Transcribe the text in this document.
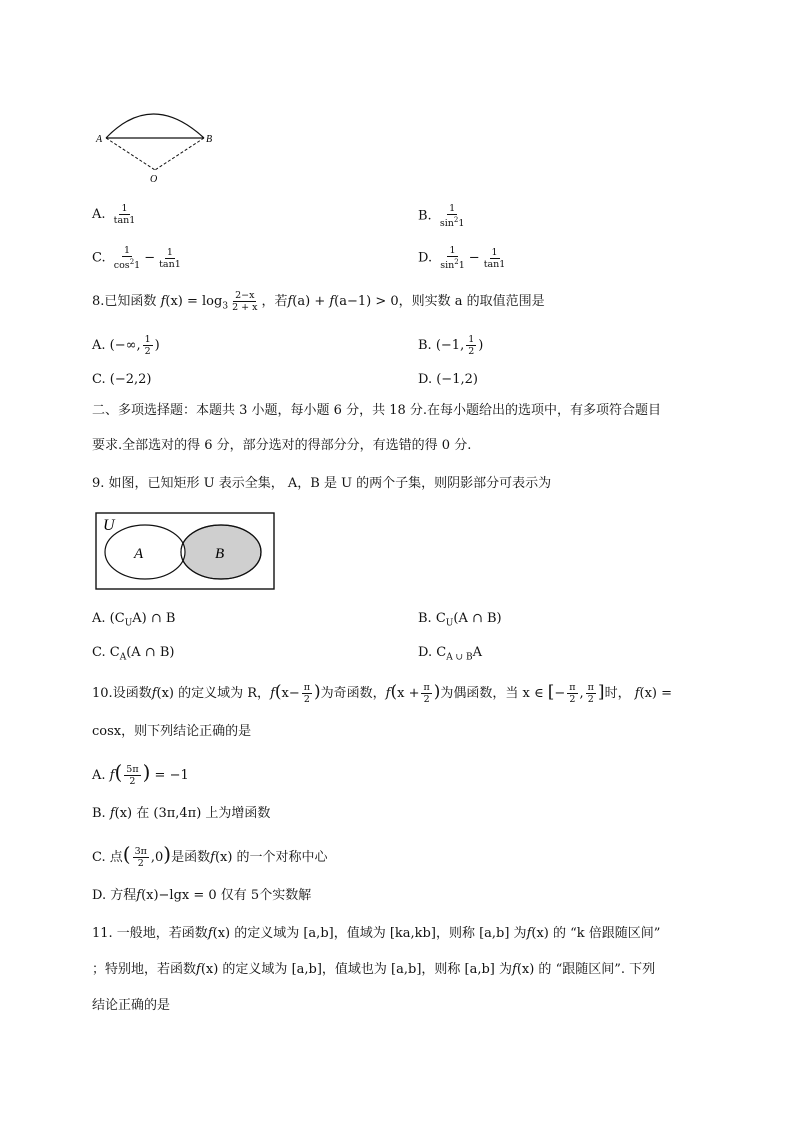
A	B
O
A. $\frac{1}{\tan 1}$	B. $\frac{1}{\sin^21}$
C. $\frac{1}{\cos^21} - \frac{1}{\tan 1}$	D. $\frac{1}{\sin^21} - \frac{1}{\tan 1}$
8.已知函数 $f(x) = \log_3 \frac{2-x}{2 + x}$ ，若f(a) + f(a−1) > 0，则实数 a 的取值范围是
A. (−∞, $\frac{1}{2}$ )	B. (−1, $\frac{1}{2}$ )
C. (−2,2)	D. (−1,2)
二、多项选择题：本题共 3 小题，每小题 6 分，共 18 分.在每小题给出的选项中，有多项符合题目
要求.全部选对的得 6 分，部分选对的得部分分，有选错的得 0 分.
9. 如图，已知矩形 U 表示全集， A，B 是 U 的两个子集，则阴影部分可表示为
U
A	B
A. $(C_UA)$ ∩ B	B. $C_U(A$ ∩ B)
C. $C_A(A$ ∩ B)	D. $C_{A \cup B}A$
10.设函数f(x) 的定义域为 R，$f(x- \frac{\pi}{2}$ )为奇函数，$f(x + \frac{\pi}{2}$ )为偶函数，当 x ∈ [− $\frac{\pi}{2}$ , $\frac{\pi}{2}$ ]时， f(x) =
cosx，则下列结论正确的是
A. $f( \frac{5\pi}{2}$ ) = −1
B. f(x) 在 (3π,4π) 上为增函数
C. 点( $\frac{3\pi}{2} ,0$)是函数f(x) 的一个对称中心
D. 方程f(x)−lgx = 0 仅有 5个实数解
11. 一般地，若函数f(x) 的定义域为 [a,b]，值域为 [ka,kb]，则称 [a,b] 为f(x) 的 “k 倍跟随区间”
；特别地，若函数f(x) 的定义域为 [a,b]，值域也为 [a,b]，则称 [a,b] 为f(x) 的 “跟随区间”. 下列
结论正确的是
